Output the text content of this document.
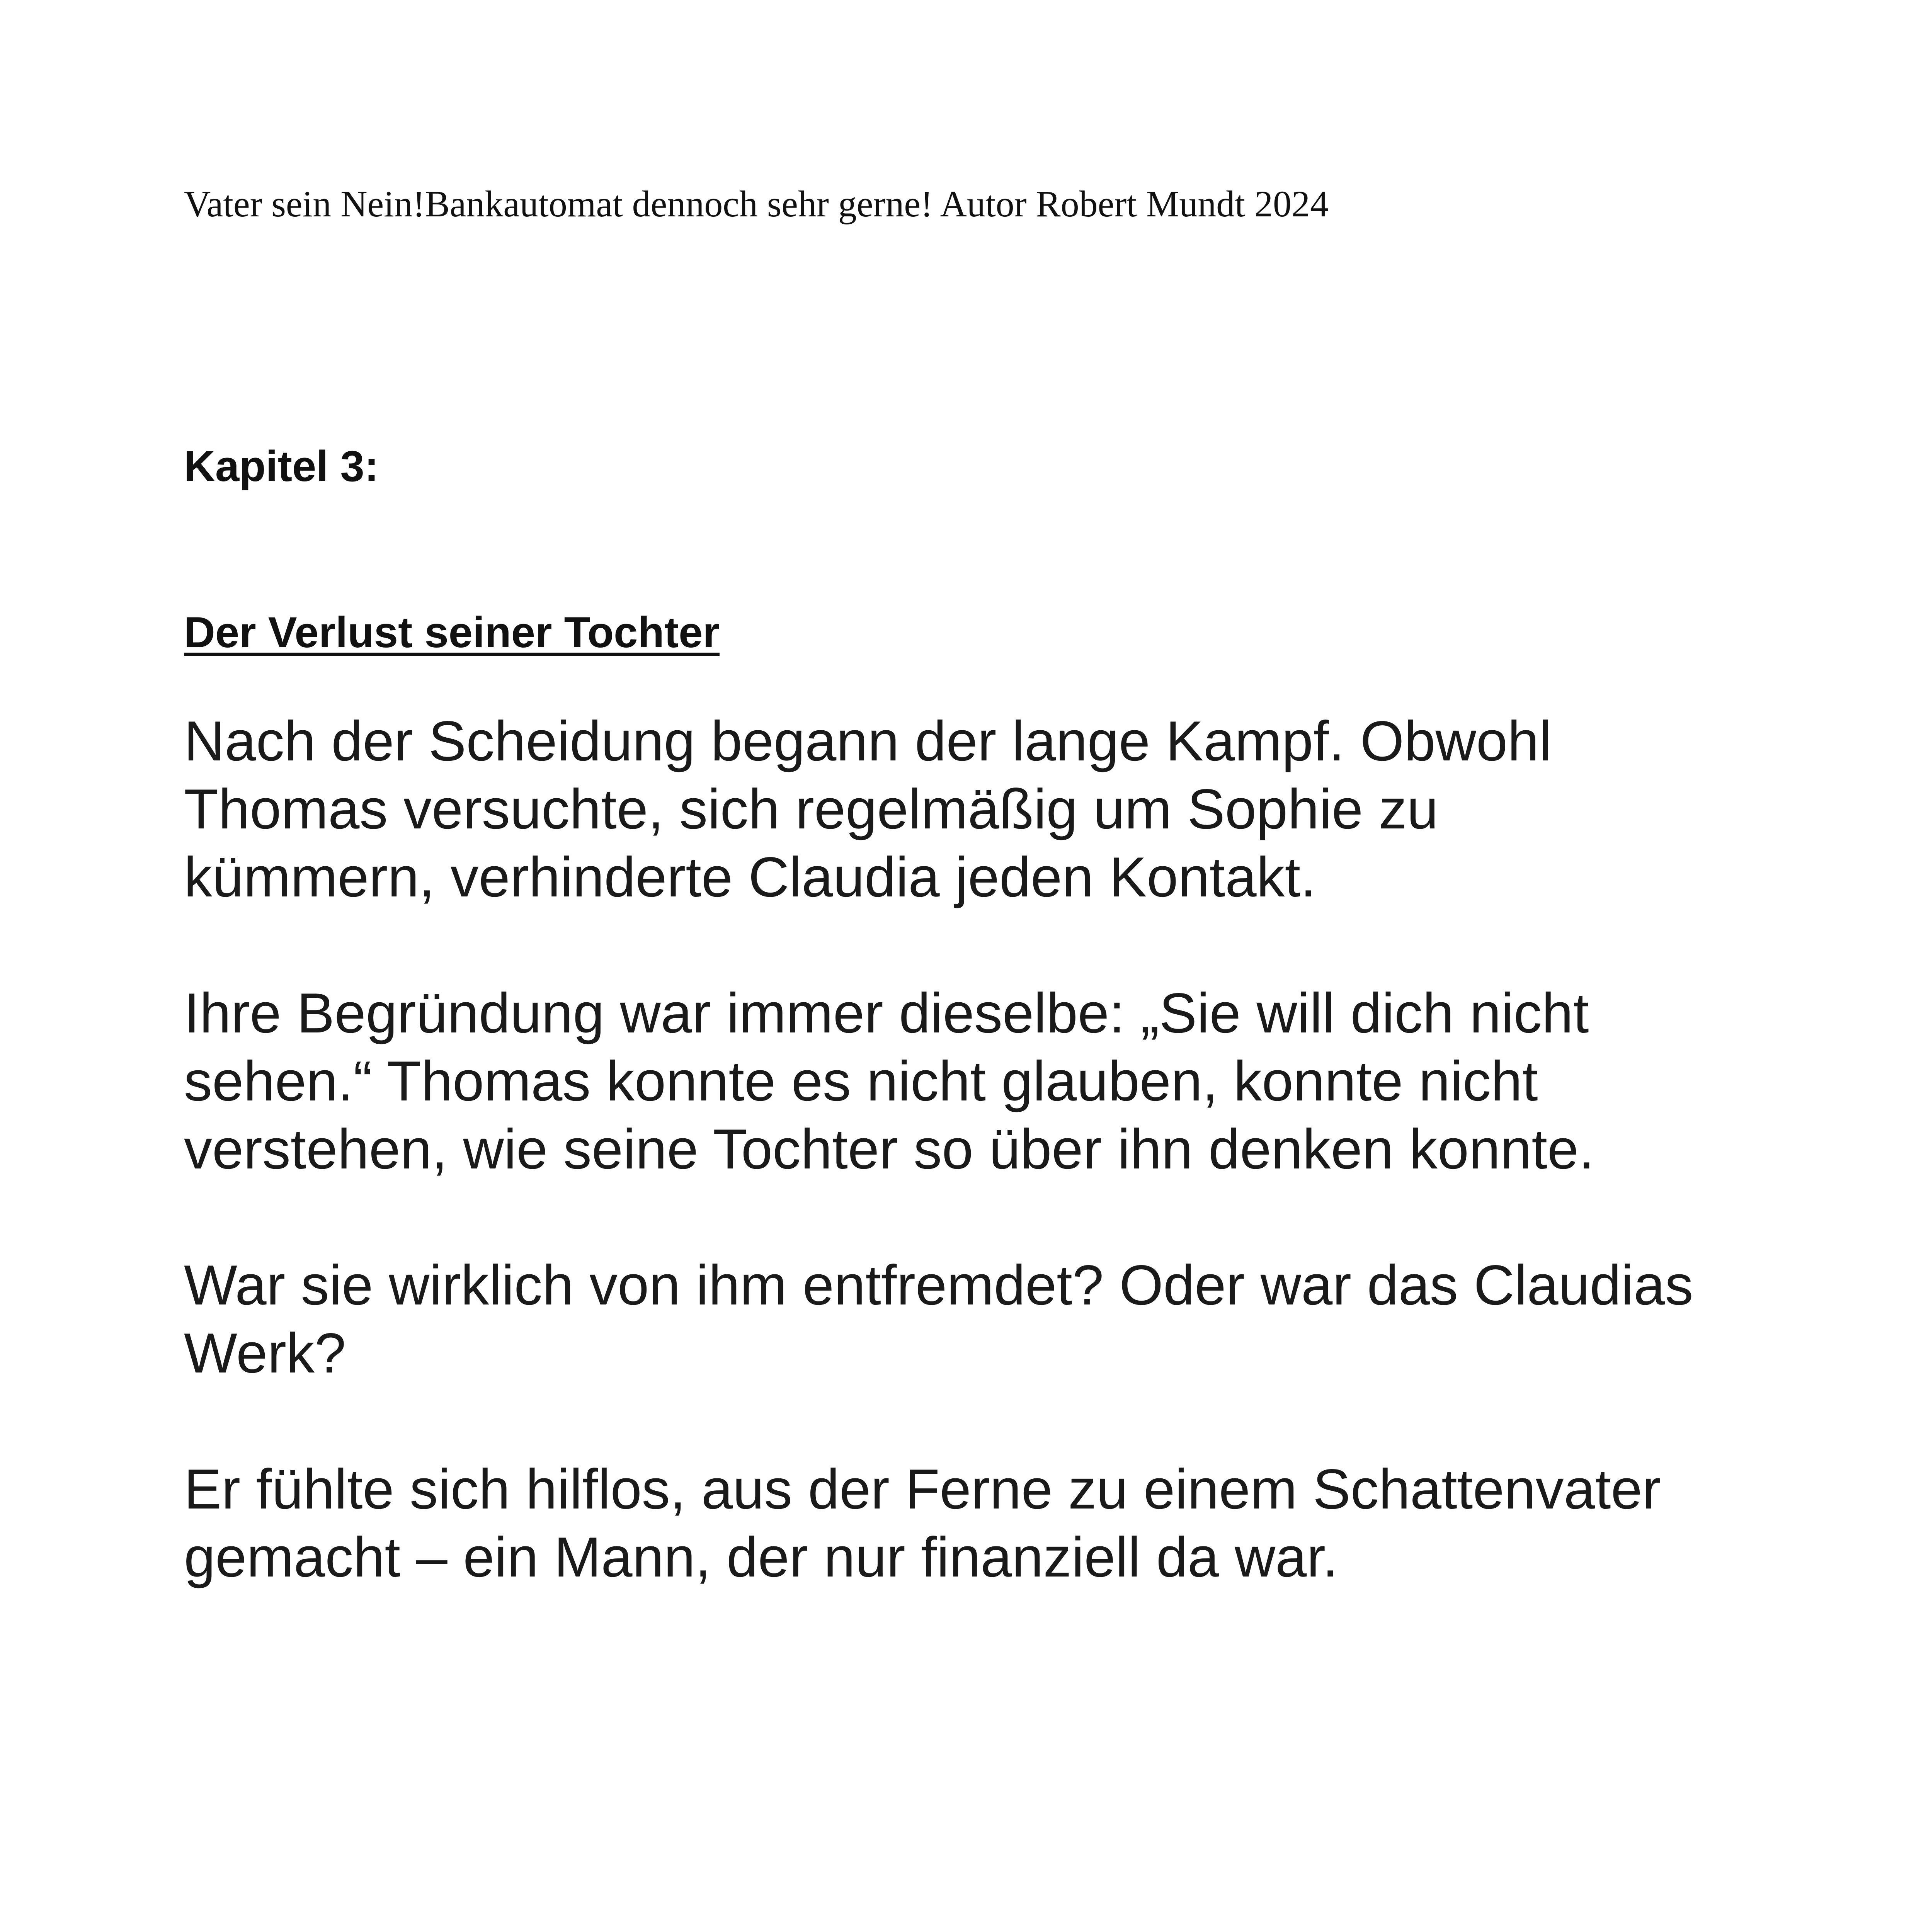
Vater sein Nein!Bankautomat dennoch sehr gerne! Autor Robert Mundt 2024
Kapitel 3:
Der Verlust seiner Tochter

Nach der Scheidung begann der lange Kampf. Obwohl
Thomas versuchte, sich regelmäßig um Sophie zu
kümmern, verhinderte Claudia jeden Kontakt.

Ihre Begründung war immer dieselbe: „Sie will dich nicht
sehen.“ Thomas konnte es nicht glauben, konnte nicht
verstehen, wie seine Tochter so über ihn denken konnte.

War sie wirklich von ihm entfremdet? Oder war das Claudias
Werk?

Er fühlte sich hilflos, aus der Ferne zu einem Schattenvater
gemacht – ein Mann, der nur finanziell da war.
